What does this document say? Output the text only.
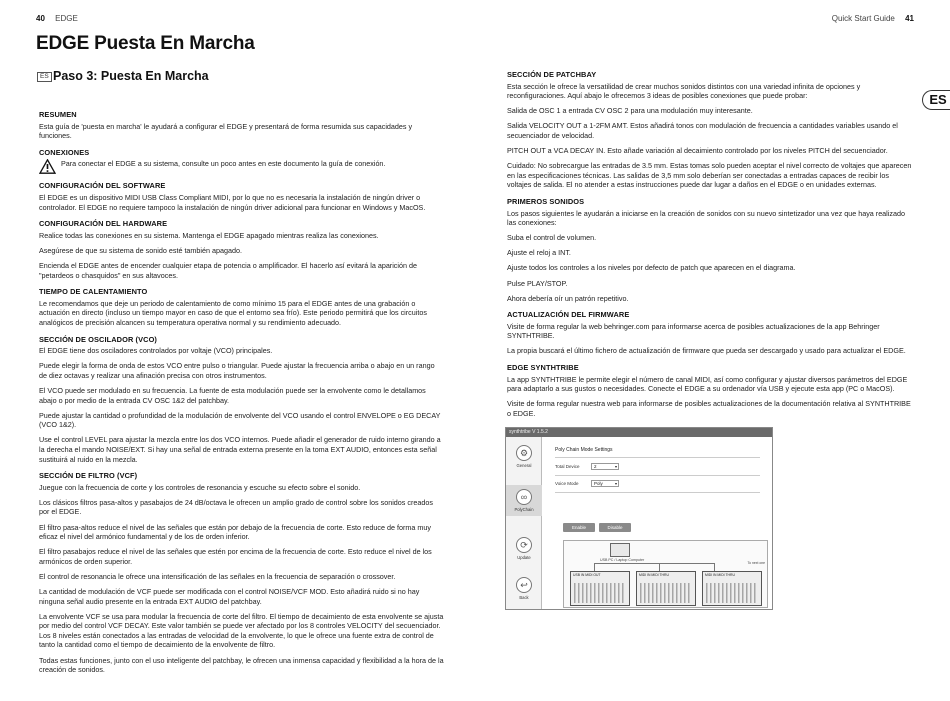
40 EDGE	Quick Start Guide 41
EDGE Puesta En Marcha
ES Paso 3: Puesta En Marcha
ES
RESUMEN

Esta guía de 'puesta en marcha' le ayudará a configurar el EDGE y presentará de forma resumida sus capacidades y funciones.

CONEXIONES

Para conectar el EDGE a su sistema, consulte un poco antes en este documento la guía de conexión.

CONFIGURACIÓN DEL SOFTWARE

El EDGE es un dispositivo MIDI USB Class Compliant MIDI, por lo que no es necesaria la instalación de ningún driver o controlador. El EDGE no requiere tampoco la instalación de ningún driver adicional para funcionar en Windows y MacOS.

CONFIGURACIÓN DEL HARDWARE

Realice todas las conexiones en su sistema. Mantenga el EDGE apagado mientras realiza las conexiones.

Asegúrese de que su sistema de sonido esté también apagado.

Encienda el EDGE antes de encender cualquier etapa de potencia o amplificador. El hacerlo así evitará la aparición de "petardeos o chasquidos" en sus altavoces.

TIEMPO DE CALENTAMIENTO

Le recomendamos que deje un periodo de calentamiento de como mínimo 15 para el EDGE antes de una grabación o actuación en directo (incluso un tiempo mayor en caso de que el entorno sea frío). Este periodo permitirá que los circuitos analógicos de precisión alcancen su temperatura operativa normal y su rendimiento adecuado.

SECCIÓN DE OSCILADOR (VCO)

El EDGE tiene dos osciladores controlados por voltaje (VCO) principales.

Puede elegir la forma de onda de estos VCO entre pulso o triangular. Puede ajustar la frecuencia arriba o abajo en un rango de diez octavas y realizar una afinación precisa con otros instrumentos.

El VCO puede ser modulado en su frecuencia. La fuente de esta modulación puede ser la envolvente como le detallamos abajo o por medio de la entrada CV OSC 1&2 del patchbay.

Puede ajustar la cantidad o profundidad de la modulación de envolvente del VCO usando el control ENVELOPE o EG DECAY (VCO 1&2).

Use el control LEVEL para ajustar la mezcla entre los dos VCO internos. Puede añadir el generador de ruido interno girando a la derecha el mando NOISE/EXT. Si hay una señal de entrada externa presente en la toma EXT AUDIO, entonces esta señal sustituirá al ruido en la mezcla.

SECCIÓN DE FILTRO (VCF)

Juegue con la frecuencia de corte y los controles de resonancia y escuche su efecto sobre el sonido.

Los clásicos filtros pasa-altos y pasabajos de 24 dB/octava le ofrecen un amplio grado de control sobre los sonidos creados por el EDGE.

El filtro pasa-altos reduce el nivel de las señales que están por debajo de la frecuencia de corte. Esto reduce de forma muy eficaz el nivel del armónico fundamental y de los de orden inferior.

El filtro pasabajos reduce el nivel de las señales que estén por encima de la frecuencia de corte. Esto reduce el nivel de los armónicos de orden superior.

El control de resonancia le ofrece una intensificación de las señales en la frecuencia de separación o crossover.

La cantidad de modulación de VCF puede ser modificada con el control NOISE/VCF MOD. Esto añadirá ruido si no hay ninguna señal audio presente en la entrada EXT AUDIO del patchbay.

La envolvente VCF se usa para modular la frecuencia de corte del filtro. El tiempo de decaimiento de esta envolvente se ajusta por medio del control VCF DECAY. Este valor también se puede ver afectado por los 8 controles VELOCITY del secuenciador. Los 8 niveles están conectados a las entradas de velocidad de la envolvente, lo que le ofrece una fuente extra de control de tanto la cantidad como el tiempo de decaimiento de la envolvente de filtro.

Todas estas funciones, junto con el uso inteligente del patchbay, le ofrecen una inmensa capacidad y flexibilidad a la hora de la creación de sonidos.

SECCIÓN DE PATCHBAY

Esta sección le ofrece la versatilidad de crear muchos sonidos distintos con una variedad infinita de opciones y reconfiguraciones. Aquí abajo le ofrecemos 3 ideas de posibles conexiones que puede probar:

Salida de OSC 1 a entrada CV OSC 2 para una modulación muy interesante.

Salida VELOCITY OUT a 1-2FM AMT. Estos añadirá tonos con modulación de frecuencia a cantidades variables usando el secuenciador de velocidad.

PITCH OUT a VCA DECAY IN. Esto añade variación al decaimiento controlado por los niveles PITCH del secuenciador.

Cuidado: No sobrecargue las entradas de 3.5 mm. Estas tomas solo pueden aceptar el nivel correcto de voltajes que aparecen en las especificaciones técnicas. Las salidas de 3,5 mm solo deberían ser conectadas a entradas capaces de recibir los voltajes de salida. El no atender a estas instrucciones puede dar lugar a daños en el EDGE o en unidades externas.

PRIMEROS SONIDOS

Los pasos siguientes le ayudarán a iniciarse en la creación de sonidos con su nuevo sintetizador una vez que haya realizado las conexiones:

Suba el control de volumen.

Ajuste el reloj a INT.

Ajuste todos los controles a los niveles por defecto de patch que aparecen en el diagrama.

Pulse PLAY/STOP.

Ahora debería oír un patrón repetitivo.

ACTUALIZACIÓN DEL FIRMWARE

Visite de forma regular la web behringer.com para informarse acerca de posibles actualizaciones de la app Behringer SYNTHTRIBE.

La propia buscará el último fichero de actualización de firmware que pueda ser descargado y usado para actualizar el EDGE.

EDGE SYNTHTRIBE

La app SYNTHTRIBE le permite elegir el número de canal MIDI, así como configurar y ajustar diversos parámetros del EDGE para adaptarlo a sus gustos o necesidades. Conecte el EDGE a su ordenador vía USB y ejecute esta app (PC o MacOS).

Visite de forma regular nuestra web para informarse de posibles actualizaciones de la documentación relativa al SYNTHTRIBE o EDGE.

synthtribe V 1.5.2
⚙
General
∞
PolyChain
⟳
Update
↩
Back
Poly Chain Mode Settings
Total Device	2 ▾
Voice Mode	Poly ▾
Enable	Disable
USB PC / Laptop Computer
To next one
USB IN MIDI OUT	MIDI IN MIDI THRU	MIDI IN MIDI THRU
